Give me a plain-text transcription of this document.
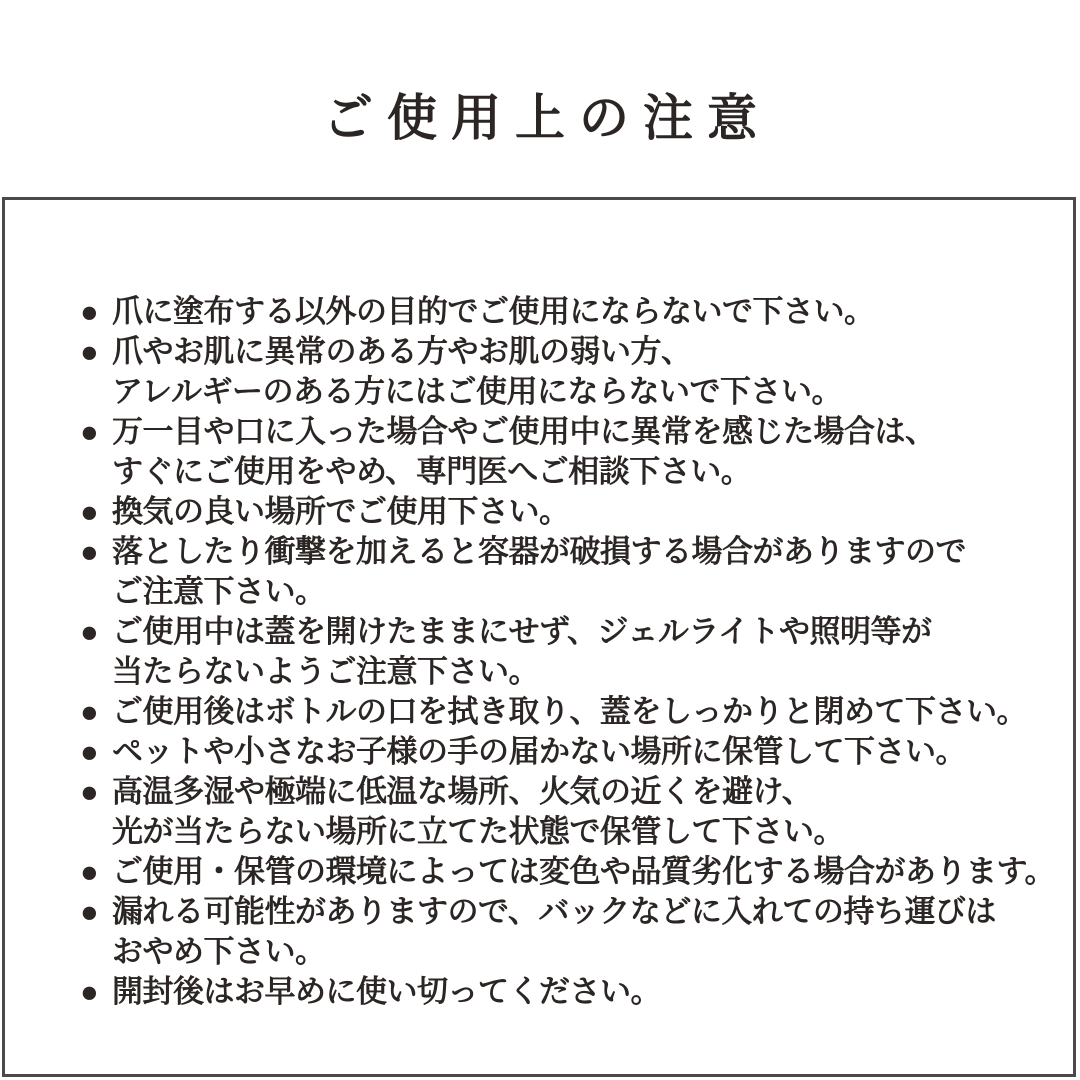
ご使用上の注意
● 爪に塗布する以外の目的でご使用にならないで下さい。
● 爪やお肌に異常のある方やお肌の弱い方、
アレルギーのある方にはご使用にならないで下さい。
● 万一目や口に入った場合やご使用中に異常を感じた場合は、
すぐにご使用をやめ、専門医へご相談下さい。
● 換気の良い場所でご使用下さい。
● 落としたり衝撃を加えると容器が破損する場合がありますので
ご注意下さい。
● ご使用中は蓋を開けたままにせず、ジェルライトや照明等が
当たらないようご注意下さい。
● ご使用後はボトルの口を拭き取り、蓋をしっかりと閉めて下さい。
● ペットや小さなお子様の手の届かない場所に保管して下さい。
● 高温多湿や極端に低温な場所、火気の近くを避け、
光が当たらない場所に立てた状態で保管して下さい。
● ご使用・保管の環境によっては変色や品質劣化する場合があります。
● 漏れる可能性がありますので、バックなどに入れての持ち運びは
おやめ下さい。
● 開封後はお早めに使い切ってください。
